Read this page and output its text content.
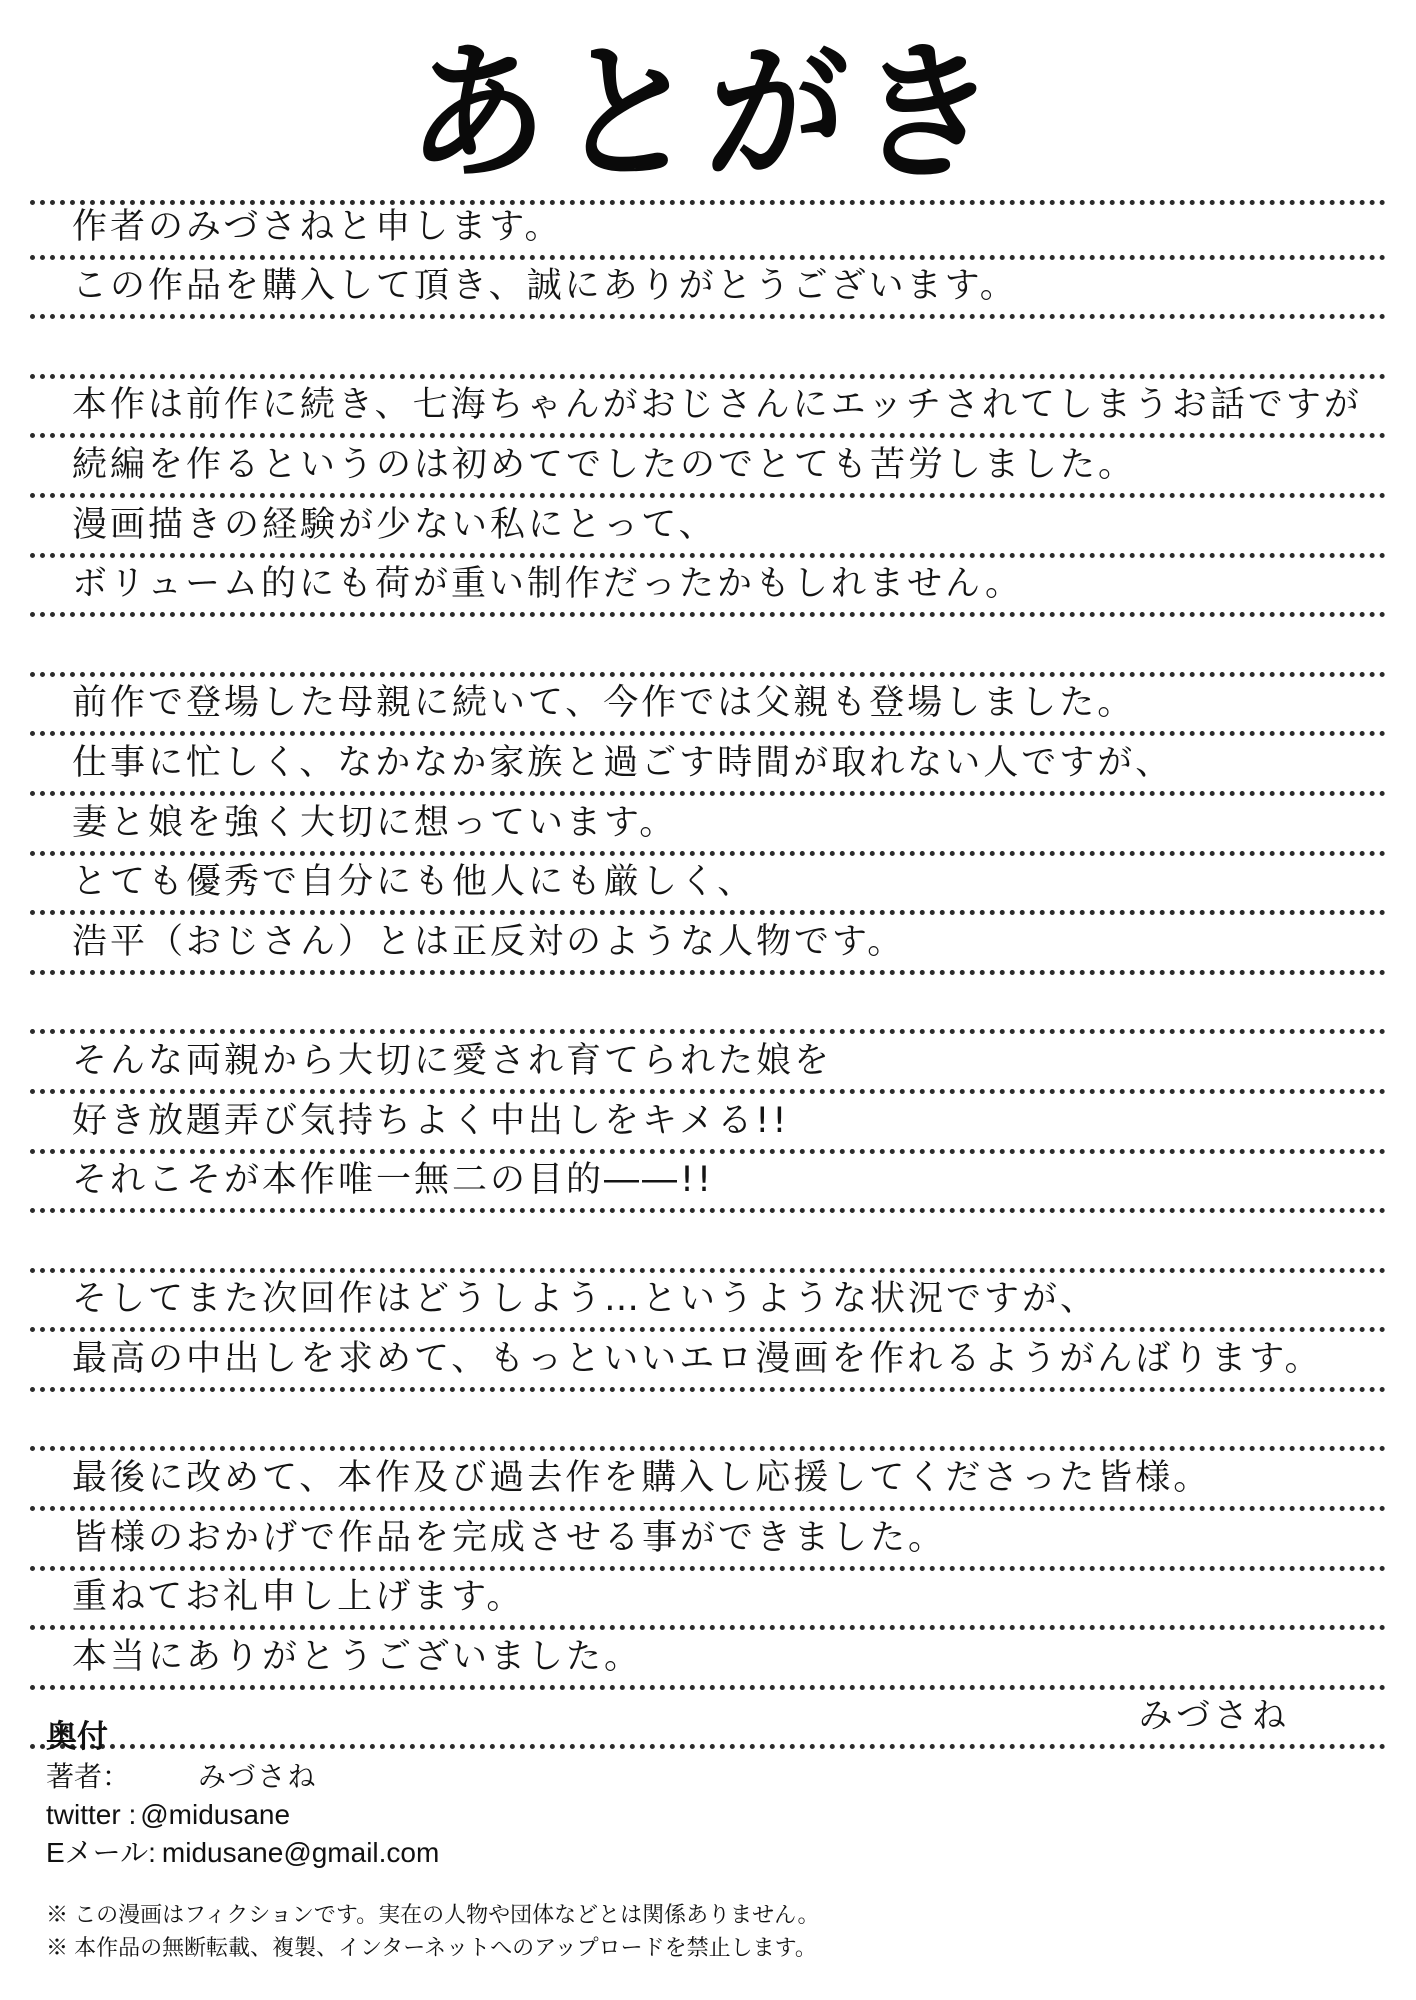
あとがき
作者のみづさねと申します。
この作品を購入して頂き、誠にありがとうございます。
本作は前作に続き、七海ちゃんがおじさんにエッチされてしまうお話ですが
続編を作るというのは初めてでしたのでとても苦労しました。
漫画描きの経験が少ない私にとって、
ボリューム的にも荷が重い制作だったかもしれません。
前作で登場した母親に続いて、今作では父親も登場しました。
仕事に忙しく、なかなか家族と過ごす時間が取れない人ですが、
妻と娘を強く大切に想っています。
とても優秀で自分にも他人にも厳しく、
浩平（おじさん）とは正反対のような人物です。
そんな両親から大切に愛され育てられた娘を
好き放題弄び気持ちよく中出しをキメる!!
それこそが本作唯一無二の目的――!!
そしてまた次回作はどうしよう…というような状況ですが、
最高の中出しを求めて、もっといいエロ漫画を作れるようがんばります。
最後に改めて、本作及び過去作を購入し応援してくださった皆様。
皆様のおかげで作品を完成させる事ができました。
重ねてお礼申し上げます。
本当にありがとうございました。
みづさね
奥付
著者： みづさね
twitter : @midusane
Eメール: midusane@gmail.com
※ この漫画はフィクションです。実在の人物や団体などとは関係ありません。
※ 本作品の無断転載、複製、インターネットへのアップロードを禁止します。
